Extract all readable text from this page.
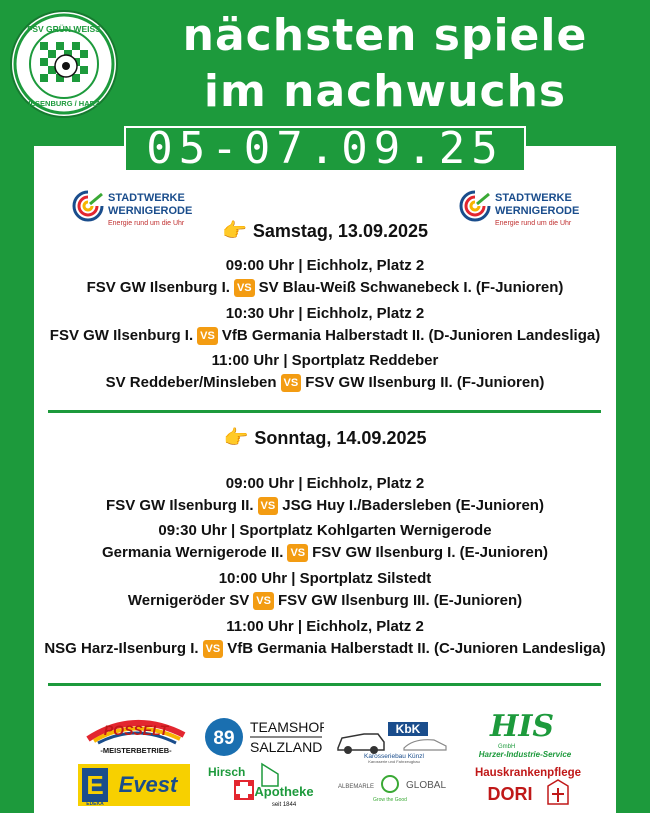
FSV GRÜN WEISS
ILSENBURG / HARZ
nächsten spiele
im nachwuchs
05-07.09.25
STADTWERKE
WERNIGERODE
Energie rund um die Uhr
STADTWERKE
WERNIGERODE
Energie rund um die Uhr
👉 Samstag, 13.09.2025
09:00 Uhr | Eichholz, Platz 2
FSV GW Ilsenburg I. VS SV Blau-Weiß Schwanebeck I. (F-Junioren)
10:30 Uhr | Eichholz, Platz 2
FSV GW Ilsenburg I. VS VfB Germania Halberstadt II. (D-Junioren Landesliga)
11:00 Uhr | Sportplatz Reddeber
SV Reddeber/Minsleben VS FSV GW Ilsenburg II. (F-Junioren)
👉 Sonntag, 14.09.2025
09:00 Uhr | Eichholz, Platz 2
FSV GW Ilsenburg II. VS JSG Huy I./Badersleben (E-Junioren)
09:30 Uhr | Sportplatz Kohlgarten Wernigerode
Germania Wernigerode II. VS FSV GW Ilsenburg I. (E-Junioren)
10:00 Uhr | Sportplatz Silstedt
Wernigeröder SV VS FSV GW Ilsenburg III. (E-Junioren)
11:00 Uhr | Eichholz, Platz 2
NSG Harz-Ilsenburg I. VS VfB Germania Halberstadt II. (C-Junioren Landesliga)
POSSELT
-MEISTERBETRIEB-
89
TEAMSHOP
SALZLAND
KbK
Karosseriebau Künzl
Karosserie und Fahrzeugbau
HIS
GmbH
Harzer-Industrie-Service
E Evest
EDEKA
Hirsch
Apotheke
seit 1844
ALBEMARLE	GLOBAL
Grow the Good
Hauskrankenpflege
DORI
